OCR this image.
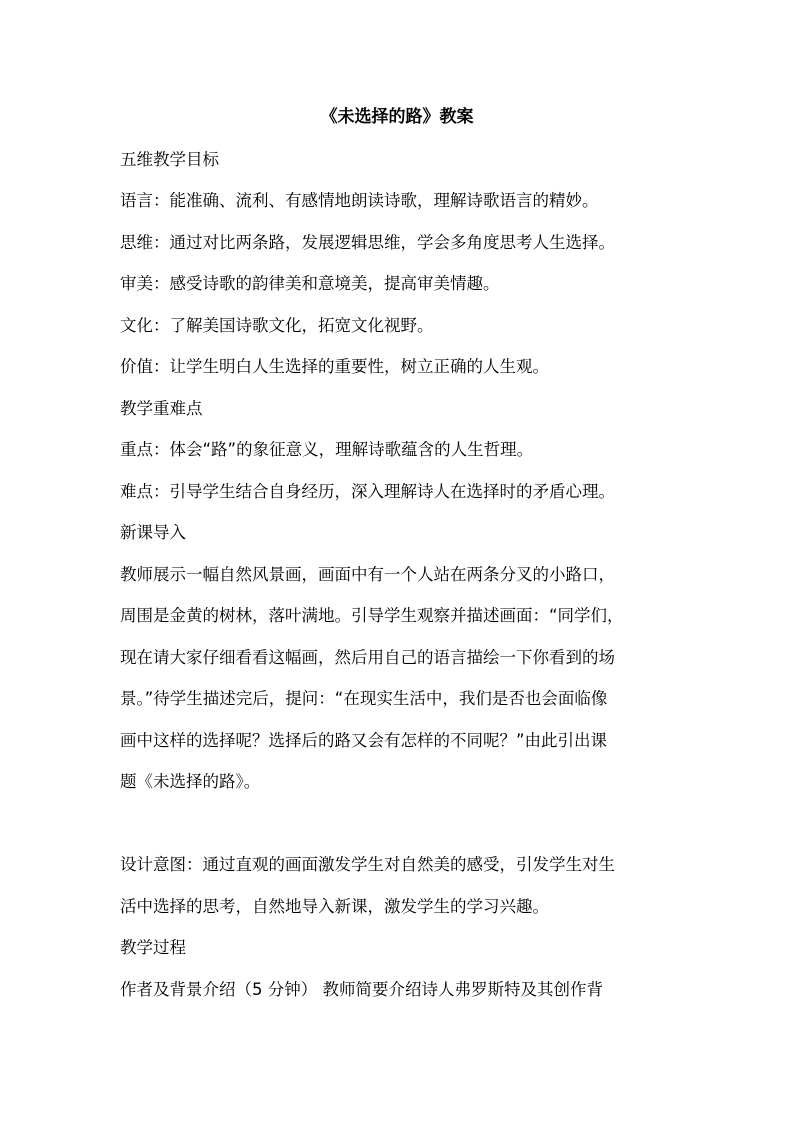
《未选择的路》教案
五维教学目标
语言：能准确、流利、有感情地朗读诗歌，理解诗歌语言的精妙。
思维：通过对比两条路，发展逻辑思维，学会多角度思考人生选择。
审美：感受诗歌的韵律美和意境美，提高审美情趣。
文化：了解美国诗歌文化，拓宽文化视野。
价值：让学生明白人生选择的重要性，树立正确的人生观。
教学重难点
重点：体会“路”的象征意义，理解诗歌蕴含的人生哲理。
难点：引导学生结合自身经历，深入理解诗人在选择时的矛盾心理。
新课导入
教师展示一幅自然风景画，画面中有一个人站在两条分叉的小路口，
周围是金黄的树林，落叶满地。引导学生观察并描述画面：“同学们，
现在请大家仔细看看这幅画，然后用自己的语言描绘一下你看到的场
景。”待学生描述完后，提问：“在现实生活中，我们是否也会面临像
画中这样的选择呢？选择后的路又会有怎样的不同呢？”由此引出课
题《未选择的路》。
设计意图：通过直观的画面激发学生对自然美的感受，引发学生对生
活中选择的思考，自然地导入新课，激发学生的学习兴趣。
教学过程
作者及背景介绍（5 分钟） 教师简要介绍诗人弗罗斯特及其创作背
